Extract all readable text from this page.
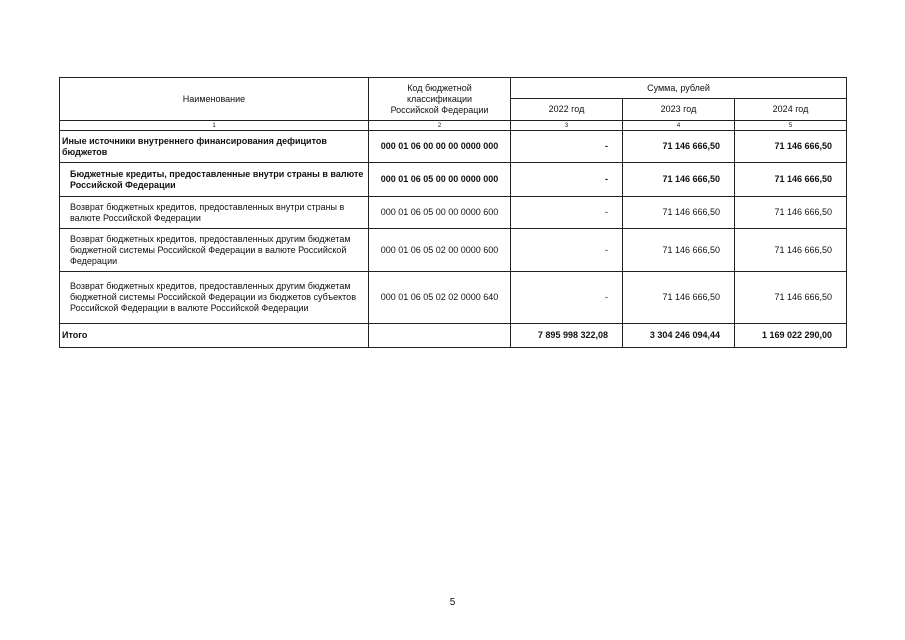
Наименование	Код бюджетной классификации Российской Федерации	Сумма, рублей		
		2022 год	2023 год	2024 год
1	2	3	4	5
Иные источники внутреннего финансирования дефицитов бюджетов	000 01 06 00 00 00 0000 000	-	71 146 666,50	71 146 666,50
Бюджетные кредиты, предоставленные внутри страны в валюте Российской Федерации	000 01 06 05 00 00 0000 000	-	71 146 666,50	71 146 666,50
Возврат бюджетных кредитов, предоставленных внутри страны в валюте Российской Федерации	000 01 06 05 00 00 0000 600	-	71 146 666,50	71 146 666,50
Возврат бюджетных кредитов, предоставленных другим бюджетам бюджетной системы Российской Федерации в валюте Российской Федерации	000 01 06 05 02 00 0000 600	-	71 146 666,50	71 146 666,50
Возврат бюджетных кредитов, предоставленных другим бюджетам бюджетной системы Российской Федерации из бюджетов субъектов Российской Федерации в валюте Российской Федерации	000 01 06 05 02 02 0000 640	-	71 146 666,50	71 146 666,50
Итого		7 895 998 322,08	3 304 246 094,44	1 169 022 290,00
5
